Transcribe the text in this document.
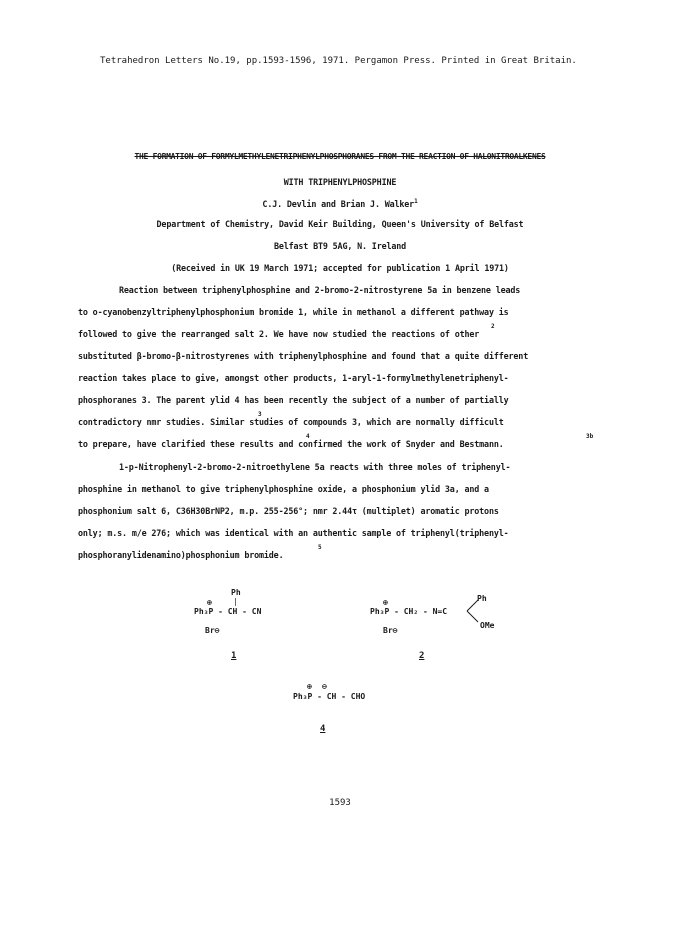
Tetrahedron Letters No.19, pp.1593-1596, 1971. Pergamon Press. Printed in Great Britain.
THE FORMATION OF FORMYLMETHYLENETRIPHENYLPHOSPHORANES FROM THE REACTION OF HALONITROALKENES
WITH TRIPHENYLPHOSPHINE
C.J. Devlin and Brian J. Walker$^1$
Department of Chemistry, David Keir Building, Queen's University of Belfast
Belfast BT9 5AG, N. Ireland
(Received in UK 19 March 1971; accepted for publication 1 April 1971)
Reaction between triphenylphosphine and 2-bromo-2-nitrostyrene 5a in benzene leads
to o-cyanobenzyltriphenylphosphonium bromide 1, while in methanol a different pathway is
followed to give the rearranged salt 2. We have now studied the reactions of other
substituted β-bromo-β-nitrostyrenes with triphenylphosphine and found that a quite different
reaction takes place to give, amongst other products, 1-aryl-1-formylmethylenetriphenyl-
phosphoranes 3. The parent ylid 4 has been recently the subject of a number of partially
contradictory nmr studies. Similar studies of compounds 3, which are normally difficult
to prepare, have clarified these results and confirmed the work of Snyder and Bestmann.
2
3
4	3b
1-p-Nitrophenyl-2-bromo-2-nitroethylene 5a reacts with three moles of triphenyl-
phosphine in methanol to give triphenylphosphine oxide, a phosphonium ylid 3a, and a
phosphonium salt 6, C36H30BrNP2, m.p. 255-256°; nmr 2.44τ (multiplet) aromatic protons
only; m.s. m/e 276; which was identical with an authentic sample of triphenyl(triphenyl-
phosphoranylidenamino)phosphonium bromide.
5
⊕
Ph
|
Ph₃P - CH - CN
Br⊖
1
⊕
Ph₃P - CH₂ - N=C
Ph
OMe
Br⊖
2
⊕ ⊖
Ph₃P - CH - CHO
4
1593
